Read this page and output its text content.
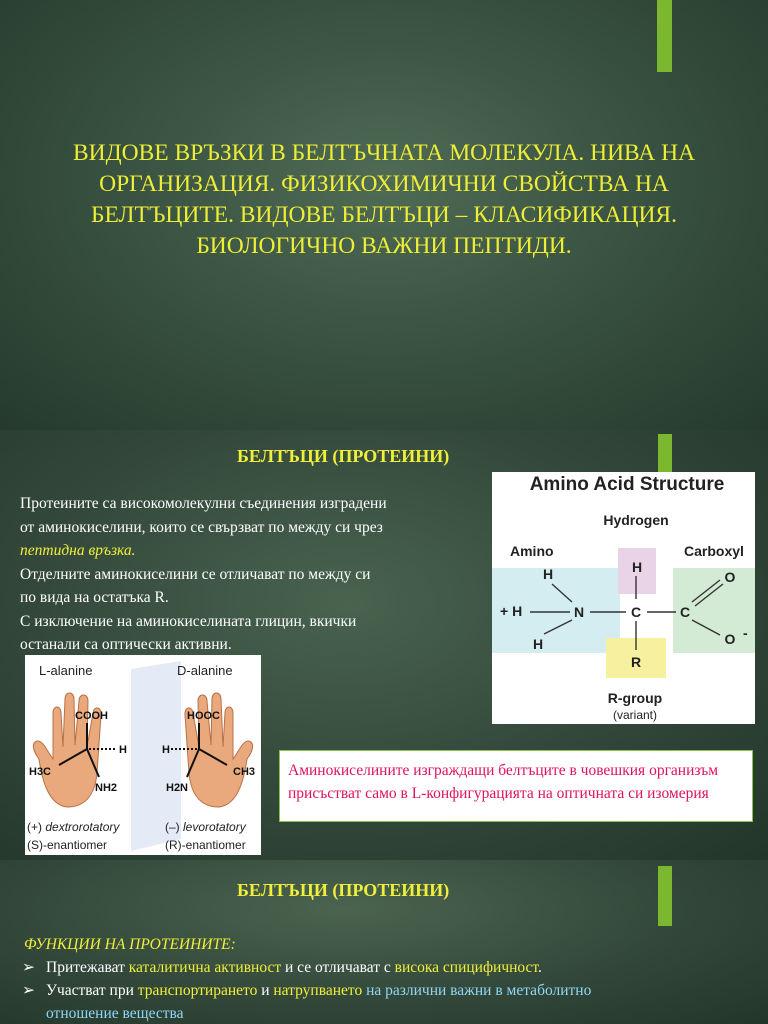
ВИДОВЕ ВРЪЗКИ В БЕЛТЪЧНАТА МОЛЕКУЛА. НИВА НА ОРГАНИЗАЦИЯ. ФИЗИКОХИМИЧНИ СВОЙСТВА НА БЕЛТЪЦИТЕ. ВИДОВЕ БЕЛТЪЦИ – КЛАСИФИКАЦИЯ. БИОЛОГИЧНО ВАЖНИ ПЕПТИДИ.
БЕЛТЪЦИ (ПРОТЕИНИ)
Протеините са високомолекулни съединения изградени
от аминокиселини, които се свързват по между си чрез
пептидна връзка.
Отделните аминокиселини се отличават по между си
по вида на остатъка R.
С изключение на аминокиселината глицин, вкички
останали са оптически активни.
Amino Acid Structure
Hydrogen
Amino	Carboxyl
H
H
+ H
H
N	C	C
O
O -
R
R-group
(variant)
L-alanine	D-alanine
COOH	HOOC
H	H
H3C	CH3
NH2	H2N
(+) dextrorotatory
(S)-enantiomer
(–) levorotatory
(R)-enantiomer
Аминокиселините изграждащи белтъците в човешкия организъм присъстват само в L-конфигурацията на оптичната си изомерия
БЕЛТЪЦИ (ПРОТЕИНИ)
ФУНКЦИИ НА ПРОТЕИНИТЕ:
➢ Притежават каталитична активност и се отличават с висока спицифичност.
➢ Участват при транспортирането и натрупването на различни важни в метаболитно
отношение вещества
